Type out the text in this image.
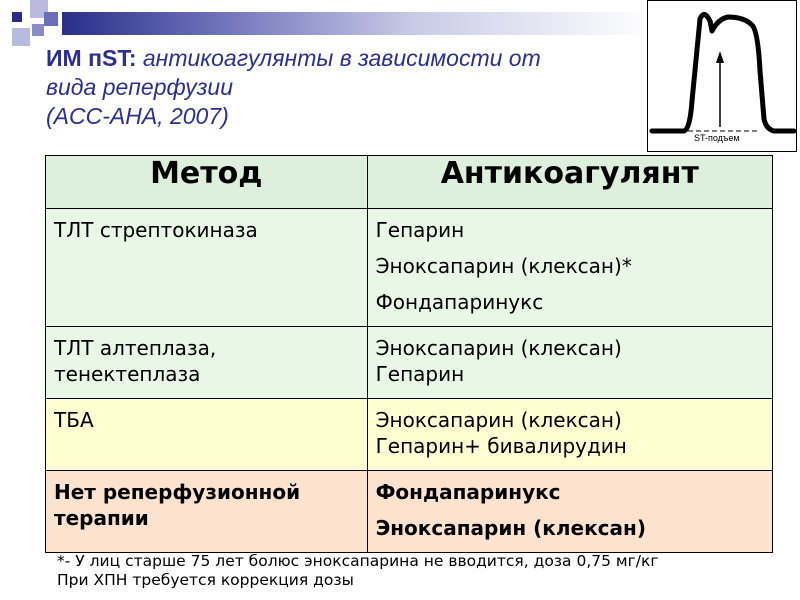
ИМ пST: антикоагулянты в зависимости от
вида реперфузии
(ACC-AHA, 2007)
ST-подъем
Метод	Антикоагулянт

ТЛТ стрептокиназа	Гепарин
Эноксапарин (клексан)*
Фондапаринукс

ТЛТ алтеплаза,
тенектеплаза	Эноксапарин (клексан)
Гепарин

ТБА	Эноксапарин (клексан)
Гепарин+ бивалирудин

Нет реперфузионной
терапии	Фондапаринукс
Эноксапарин (клексан)
*- У лиц старше 75 лет болюс эноксапарина не вводится, доза 0,75 мг/кг
При ХПН требуется коррекция дозы
